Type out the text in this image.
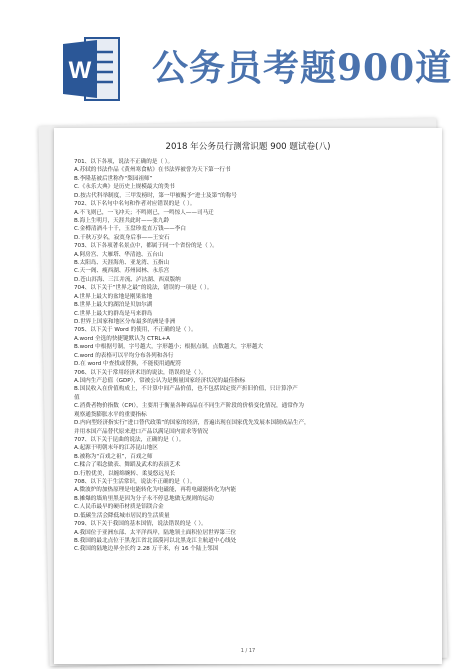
W 公务员考题900道
2018 年公务员行测常识题 900 题试卷(八)
701、以下各项，说法不正确的是（ ）。
A.苏轼的书法作品《黄州寒食帖》在书法界被誉为天下第一行书
B.李隆基被后世称作“梨园祖师”
C.《永乐大典》是历史上规模最大的类书
D.按古代科举制度，三甲发榜时，第一甲被赐予“进士及第”的称号
702、以下名句中名句和作者对应错误的是（ ）。
A.不飞则已，一飞冲天；不鸣则已，一鸣惊人——司马迁
B.海上生明月，天涯共此时——张九龄
C.金樽清酒斗十千，玉盘珍羞直万钱——李白
D.千秋万岁名，寂寞身后事——王安石
703、以下各项著名景点中，都属于同一个省份的是（ ）。
A.阿房宫、大雁塔、华清池、五台山
B.太阳岛、天涯海角、亚龙湾、五指山
C.天一阁、瘦西湖、苏州园林、永乐宫
D.苍山洱海、三江并流、泸沽湖、西双版纳
704、以下关于“世界之最”的说法，错误的一项是（ ）。
A.世界上最大的盆地是刚果盆地
B.世界上最大的湖泊是贝加尔湖
C.世界上最大的群岛是马来群岛
D.世界上国家和地区分布最多的洲是非洲
705、以下关于 Word 的使用，不正确的是（ ）。
A.word 全选的快捷键默认为 CTRL+A
B.word 中根据号制，字号越大，字形越小；根据点制，点数越大，字形越大
C.word 的表格可以平均分布各列和各行
D.在 word 中查找或替换，不能使用通配符
706、以下关于常用经济术语的说法，错误的是（ ）。
A.国内生产总值（GDP），常被公认为是衡量国家经济状况的最佳指标
B.国民收入在价值构成上，不计算中间产品价值，也不包括固定资产折旧价值，只计算净产
值
C.消费者物价指数（CPI），主要用于衡量各种商品在不同生产阶段的价格变化情况，通常作为
观察通货膨胀水平的重要指标
D.内向型经济指实行“进口替代政策”的国家的经济，普遍出现在国家优先发展本国制成品生产，
并用本国产品替代原来进口产品以满足国内需求等情况
707、以下关于昆曲的说法，正确的是（ ）。
A.起源于明朝末年的江苏昆山地区
B.被称为“百戏之祖”，百戏之师
C.糅合了唱念做表、舞蹈及武术的表演艺术
D.行腔优美，以缠绵婉转、柔曼悠远见长
708、以下关于生活常识，说法不正确的是（ ）。
A.微波炉的加热原理是电能转化为电磁能，再将电磁能转化为内能
B.摊爆的墙角里黑是因为分子永不停息地做无规则的运动
C.人民币最早的硬币材质是铝镁合金
D.低碳生活会降低城市居民的生活质量
709、以下关于我国的基本国情，说法错误的是（ ）。
A.我国位于亚洲东部、太平洋西岸，陆地领土面积位居世界第三位
B.我国的最北点位于黑龙江省北部漠河以北黑龙江主航道中心线处
C.我国的陆地边界全长约 2.28 万千米，有 16 个陆上邻国
1 / 17
